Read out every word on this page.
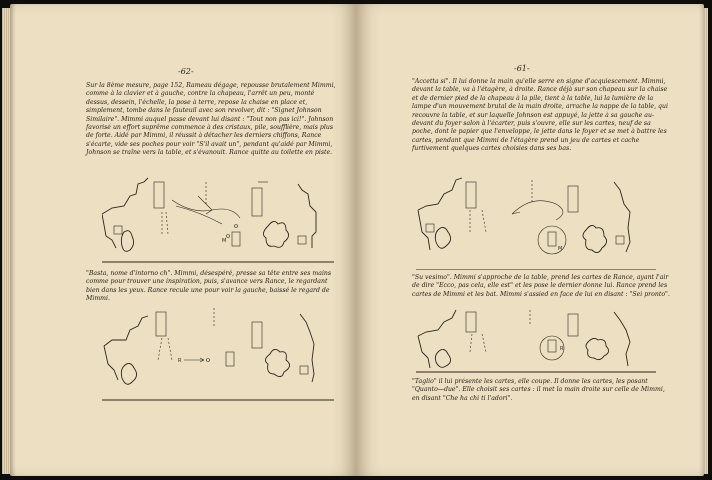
-62-

Sur la 8ème mesure, page 152, Rameau dégage, repousse brutalement Mimmi, comme à la clavier et à gauche, contre la chapeau, l'arrêt un peu, monté dessus, dessein, l'échelle, la pose à terre, repose la chaise en place et, simplement, tombe dans le fauteuil avec son revolver, dit : "Signet Johnson Similaire". Mimmi auquel passe devant lui disant : "Tout non pas ici!". Johnson favorisé un effort suprême commence à des cristaux, pile, soufflière, mais plus de forte. Aidé par Mimmi, il réussit à détacher les derniers chiffons, Rance s'écarte, vide ses poches pour voir "S'il avait un", pendant qu'aidé par Mimmi, Johnson se traîne vers la table, et s'évanouit. Rance quitte au toilette en piste.

M

"Basta, nome d'intorno ch". Mimmi, désespéré, presse sa tête entre ses mains comme pour trouver une inspiration, puis, s'avance vers Rance, le regardant bien dans les yeux. Rance recule une pour voir la gauche, baissé le regard de Mimmi.

R
-61-

"Accetta si". Il lui donne la main qu'elle serre en signe d'acquiescement. Mimmi, devant la table, va à l'étagère, à droite. Rance déjà sur son chapeau sur la chaise et de dernier pied de la chapeau à la pile, tient à la table, lui la lumière de la lampe d'un mouvement brutal de la main droite, arrache la nappe de la table, qui recouvre la table, et sur laquelle Johnson est appuyé, la jette à sa gauche au-devant du foyer salon à l'écarter, puis s'ouvre, elle sur les cartes, neuf de sa poche, dont le papier que l'enveloppe, le jette dans le foyer et se met à battre les cartes, pendant que Mimmi de l'étagère prend un jeu de cartes et cache furtivement quelques cartes choisies dans ses bas.

M

"Su vesimo". Mimmi s'approche de la table, prend les cartes de Rance, ayant l'air de dire "Ecco, pas cela, elle est" et les pose le dernier donne lui. Rance prend les cartes de Mimmi et les bat. Mimmi s'assied en face de lui en disant : "Sei pronto".

R

"Taglio" il lui présente les cartes, elle coupe. Il donne les cartes, les posant "Quanto—due". Elle choisit ses cartes : il met la main droite sur celle de Mimmi, en disant "Che ha chi ti l'adori".
